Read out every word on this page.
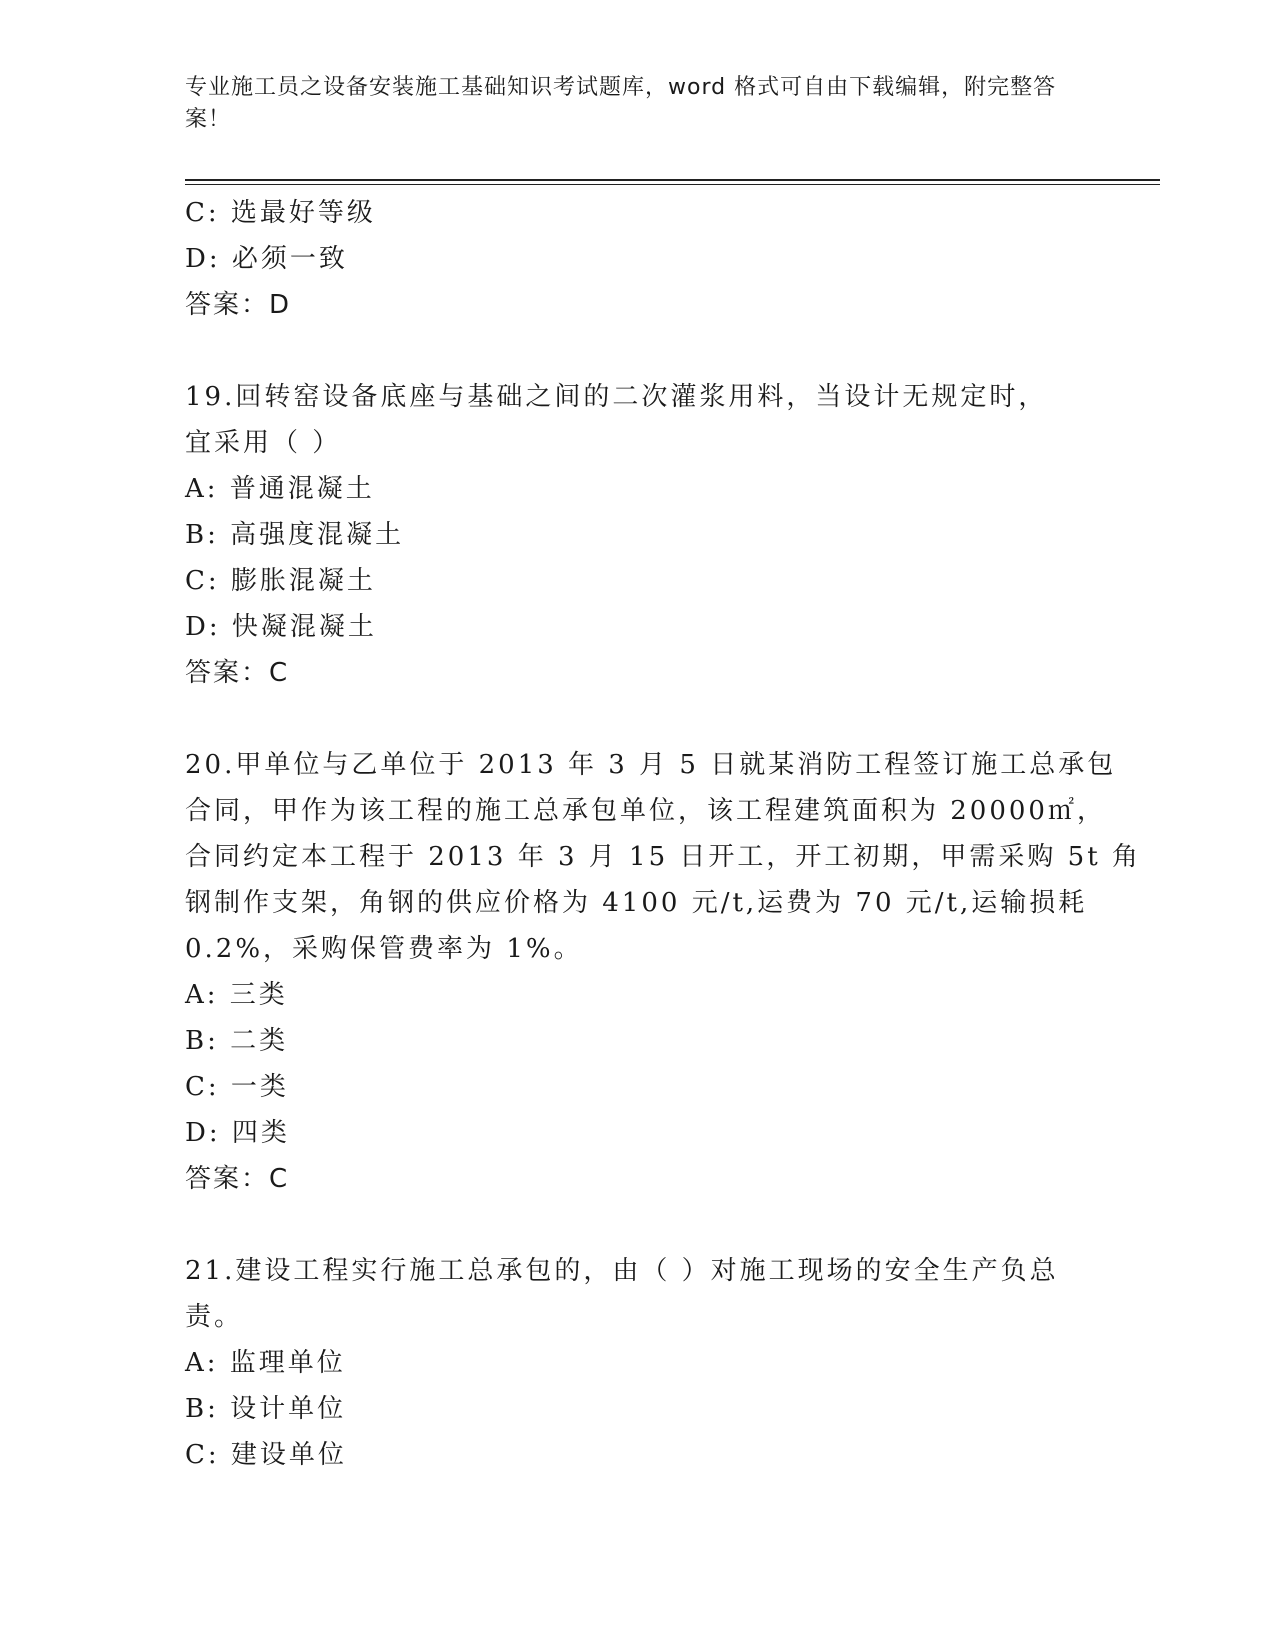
专业施工员之设备安装施工基础知识考试题库，word 格式可自由下载编辑，附完整答案！
C: 选最好等级
D: 必须一致
答案：D
19.回转窑设备底座与基础之间的二次灌浆用料，当设计无规定时，宜采用（ ）
A: 普通混凝土
B: 高强度混凝土
C: 膨胀混凝土
D: 快凝混凝土
答案：C
20.甲单位与乙单位于 2013 年 3 月 5 日就某消防工程签订施工总承包
合同，甲作为该工程的施工总承包单位，该工程建筑面积为 20000㎡，
合同约定本工程于 2013 年 3 月 15 日开工，开工初期，甲需采购 5t 角
钢制作支架，角钢的供应价格为 4100 元/t,运费为 70 元/t,运输损耗
0.2%，采购保管费率为 1%。
A: 三类
B: 二类
C: 一类
D: 四类
答案：C
21.建设工程实行施工总承包的，由（ ）对施工现场的安全生产负总责。
A: 监理单位
B: 设计单位
C: 建设单位
